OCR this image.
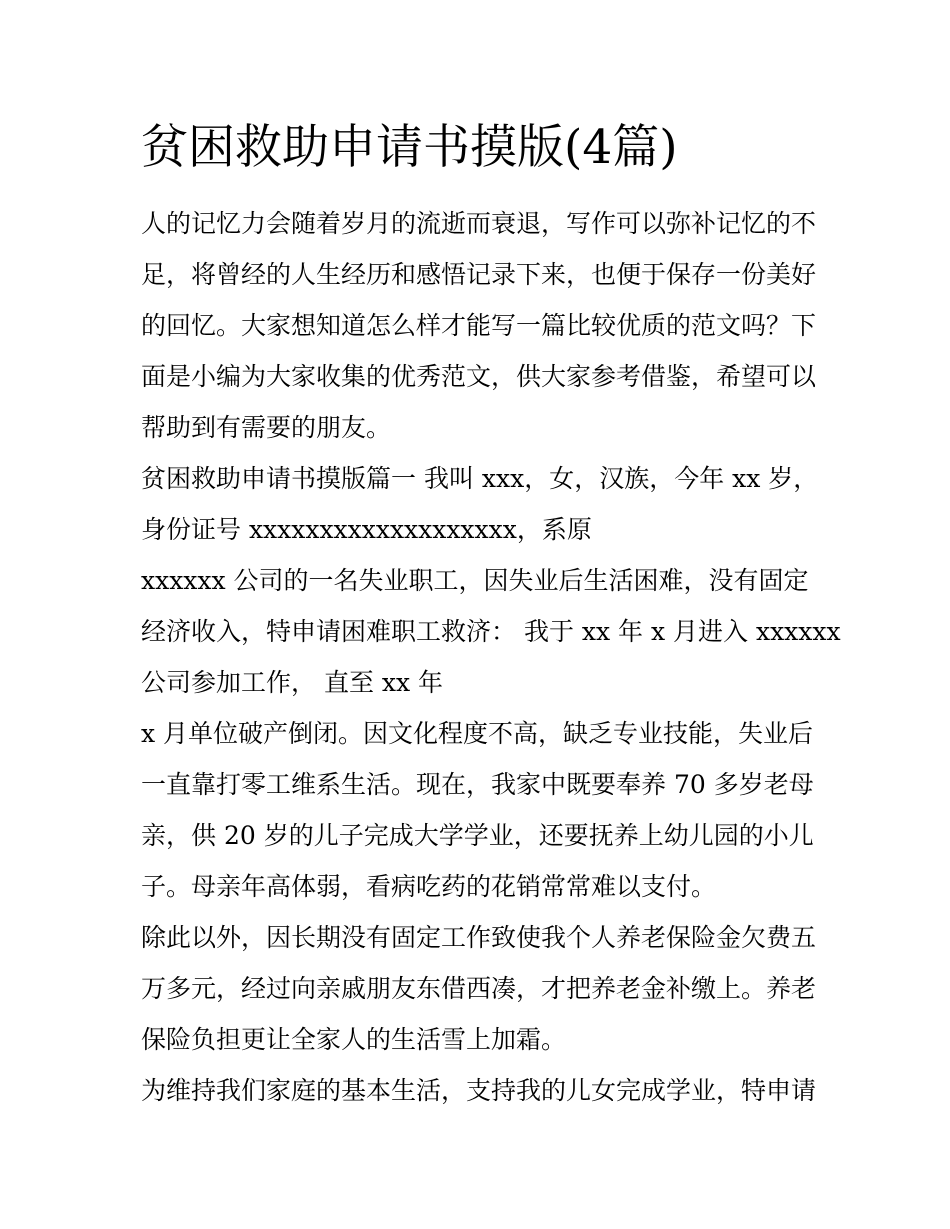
贫困救助申请书摸版(4篇)

人的记忆力会随着岁月的流逝而衰退，写作可以弥补记忆的不

足，将曾经的人生经历和感悟记录下来，也便于保存一份美好

的回忆。大家想知道怎么样才能写一篇比较优质的范文吗？下

面是小编为大家收集的优秀范文，供大家参考借鉴，希望可以

帮助到有需要的朋友。

贫困救助申请书摸版篇一 我叫 xxx，女，汉族，今年 xx 岁，

身份证号 xxxxxxxxxxxxxxxxxxx，系原

xxxxxx 公司的一名失业职工，因失业后生活困难，没有固定

经济收入，特申请困难职工救济： 我于 xx 年 x 月进入 xxxxxx

公司参加工作， 直至 xx 年

x 月单位破产倒闭。因文化程度不高，缺乏专业技能，失业后

一直靠打零工维系生活。现在，我家中既要奉养 70 多岁老母

亲，供 20 岁的儿子完成大学学业，还要抚养上幼儿园的小儿

子。母亲年高体弱，看病吃药的花销常常难以支付。

除此以外，因长期没有固定工作致使我个人养老保险金欠费五

万多元，经过向亲戚朋友东借西凑，才把养老金补缴上。养老

保险负担更让全家人的生活雪上加霜。

为维持我们家庭的基本生活，支持我的儿女完成学业，特申请
